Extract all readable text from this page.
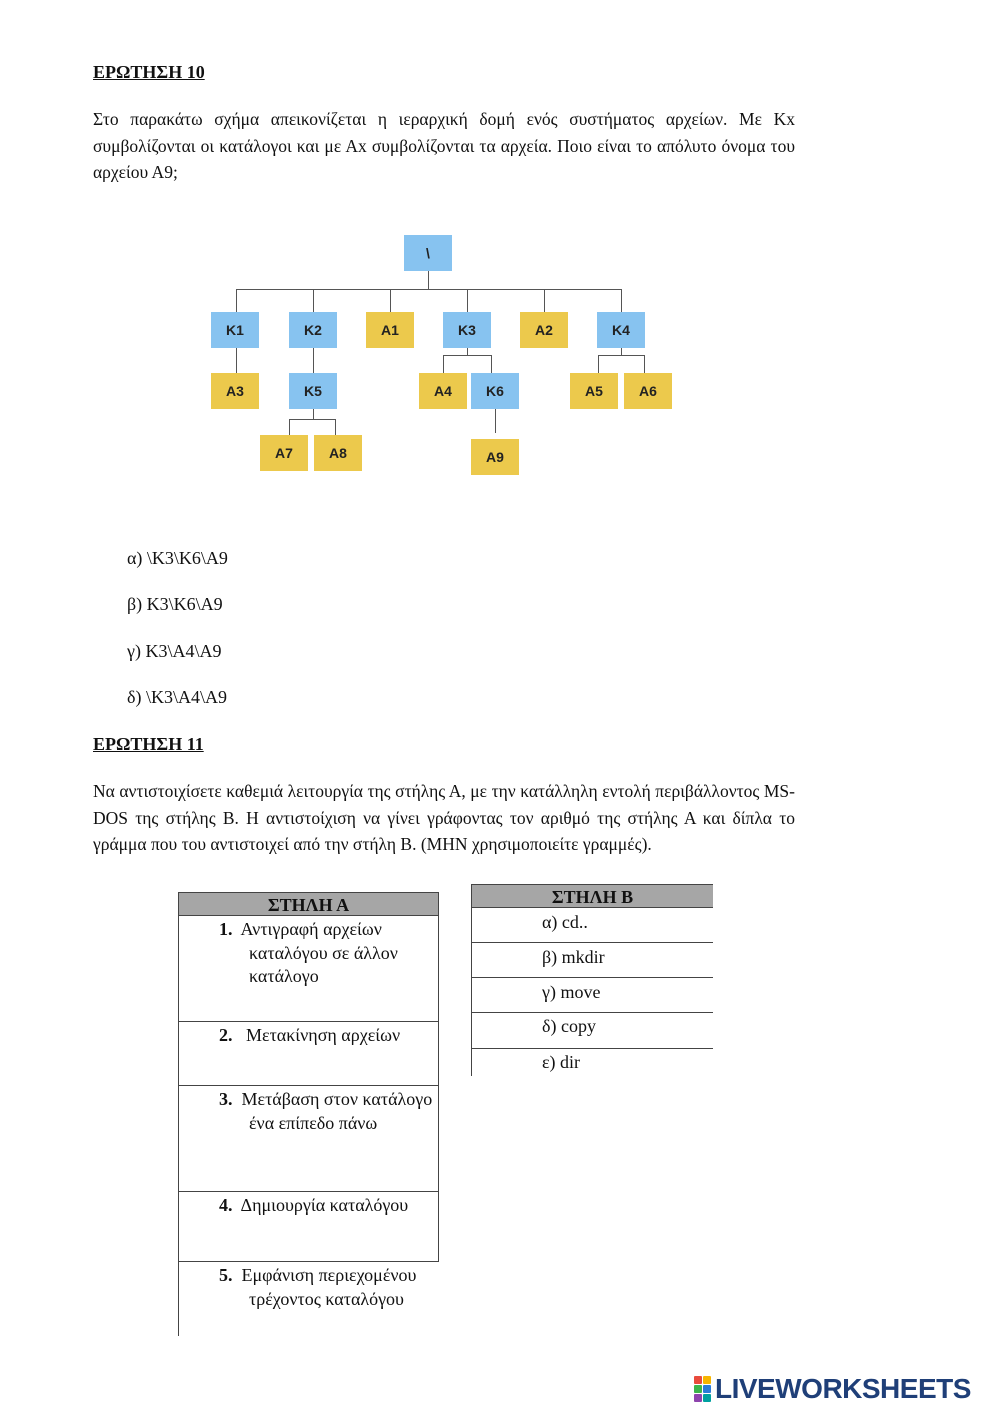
ΕΡΩΤΗΣΗ 10
Στο παρακάτω σχήμα απεικονίζεται η ιεραρχική δομή ενός συστήματος αρχείων. Με Κx συμβολίζονται οι κατάλογοι και με Αx συμβολίζονται τα αρχεία. Ποιο είναι το απόλυτο όνομα του αρχείου Α9;
\
K1	K2	A1	K3	A2	K4
A3	K5	A4	K6	A5	A6
A7	A8	A9
α) \K3\K6\A9
β) K3\K6\A9
γ) K3\A4\A9
δ) \K3\A4\A9
ΕΡΩΤΗΣΗ 11
Να αντιστοιχίσετε καθεμιά λειτουργία της στήλης Α, με την κατάλληλη εντολή περιβάλλοντος MS-DOS της στήλης Β. Η αντιστοίχιση να γίνει γράφοντας τον αριθμό της στήλης Α και δίπλα το γράμμα που του αντιστοιχεί από την στήλη Β. (ΜΗΝ χρησιμοποιείτε γραμμές).
ΣΤΗΛΗ Α
1. Αντιγραφή αρχείων καταλόγου σε άλλον κατάλογο
2. Μετακίνηση αρχείων
3. Μετάβαση στον κατάλογο ένα επίπεδο πάνω
4. Δημιουργία καταλόγου
5. Εμφάνιση περιεχομένου τρέχοντος καταλόγου
ΣΤΗΛΗ Β
α) cd..
β) mkdir
γ) move
δ) copy
ε) dir
LIVEWORKSHEETS
